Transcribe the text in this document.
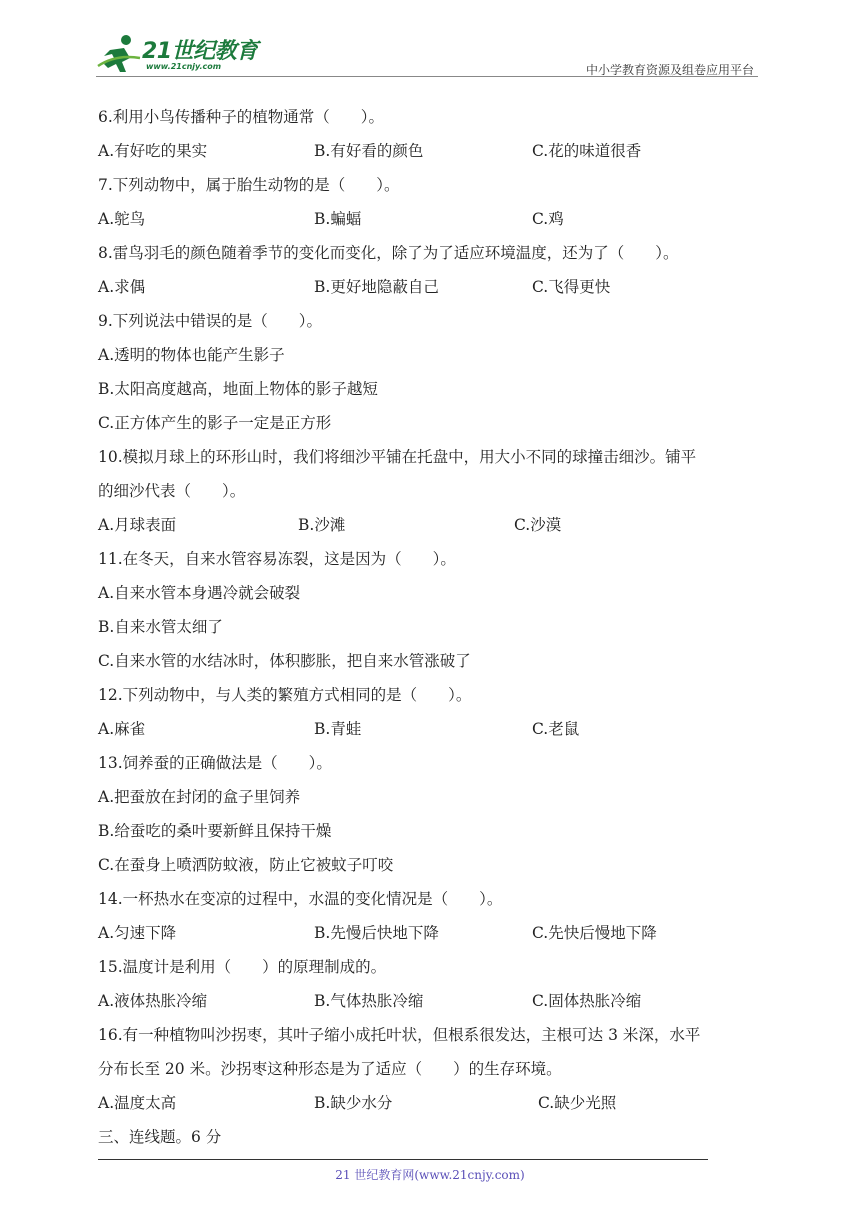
21世纪教育
www.21cnjy.com	中小学教育资源及组卷应用平台
6.利用小鸟传播种子的植物通常（　　）。
A.有好吃的果实	B.有好看的颜色	C.花的味道很香
7.下列动物中，属于胎生动物的是（　　）。
A.鸵鸟	B.蝙蝠	C.鸡
8.雷鸟羽毛的颜色随着季节的变化而变化，除了为了适应环境温度，还为了（　　）。
A.求偶	B.更好地隐蔽自己	C.飞得更快
9.下列说法中错误的是（　　）。
A.透明的物体也能产生影子
B.太阳高度越高，地面上物体的影子越短
C.正方体产生的影子一定是正方形
10.模拟月球上的环形山时，我们将细沙平铺在托盘中，用大小不同的球撞击细沙。铺平
的细沙代表（　　）。
A.月球表面	B.沙滩	C.沙漠
11.在冬天，自来水管容易冻裂，这是因为（　　）。
A.自来水管本身遇冷就会破裂
B.自来水管太细了
C.自来水管的水结冰时，体积膨胀，把自来水管涨破了
12.下列动物中，与人类的繁殖方式相同的是（　　）。
A.麻雀	B.青蛙	C.老鼠
13.饲养蚕的正确做法是（　　）。
A.把蚕放在封闭的盒子里饲养
B.给蚕吃的桑叶要新鲜且保持干燥
C.在蚕身上喷洒防蚊液，防止它被蚊子叮咬
14.一杯热水在变凉的过程中，水温的变化情况是（　　）。
A.匀速下降	B.先慢后快地下降	C.先快后慢地下降
15.温度计是利用（　　）的原理制成的。
A.液体热胀冷缩	B.气体热胀冷缩	C.固体热胀冷缩
16.有一种植物叫沙拐枣，其叶子缩小成托叶状，但根系很发达，主根可达 3 米深，水平
分布长至 20 米。沙拐枣这种形态是为了适应（　　）的生存环境。
A.温度太高	B.缺少水分	C.缺少光照
三、连线题。6 分
21 世纪教育网(www.21cnjy.com)
